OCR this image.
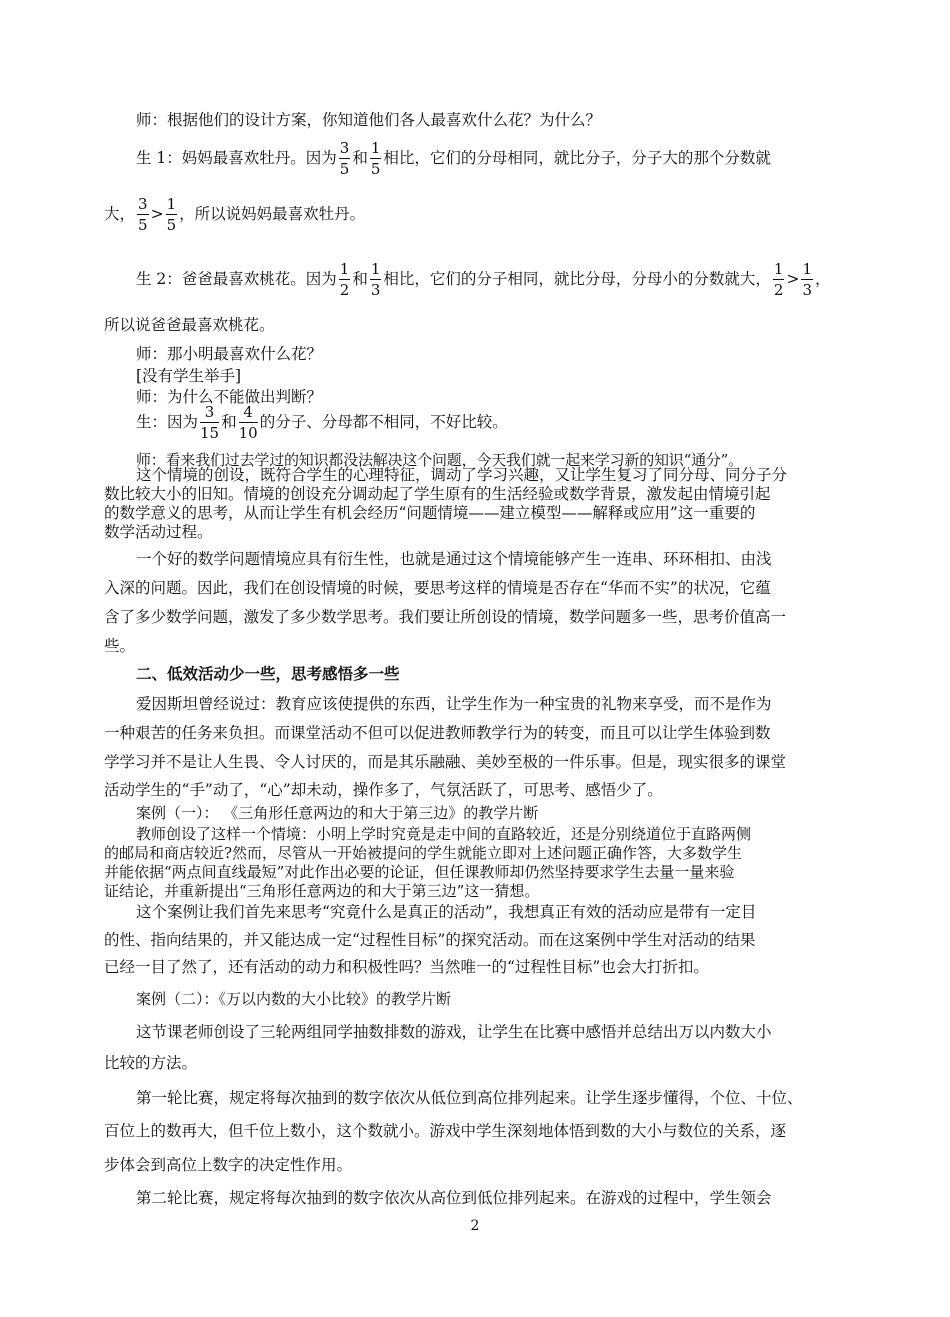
师：根据他们的设计方案，你知道他们各人最喜欢什么花？为什么？
生 1：妈妈最喜欢牡丹。因为 $\frac{3}{5}$ 和 $\frac{1}{5}$ 相比，它们的分母相同，就比分子，分子大的那个分数就
大， $\frac{3}{5} > \frac{1}{5}$ ，所以说妈妈最喜欢牡丹。
生 2：爸爸最喜欢桃花。因为 $\frac{1}{2}$ 和 $\frac{1}{3}$ 相比，它们的分子相同，就比分母，分母小的分数就大， $\frac{1}{2} > \frac{1}{3}$ ，
所以说爸爸最喜欢桃花。
师：那小明最喜欢什么花？
[没有学生举手]
师：为什么不能做出判断？
生：因为 $\frac{3}{15}$ 和 $\frac{4}{10}$ 的分子、分母都不相同，不好比较。
师：看来我们过去学过的知识都没法解决这个问题，今天我们就一起来学习新的知识“通分”。
这个情境的创设，既符合学生的心理特征，调动了学习兴趣，又让学生复习了同分母、同分子分
数比较大小的旧知。情境的创设充分调动起了学生原有的生活经验或数学背景，激发起由情境引起
的数学意义的思考，从而让学生有机会经历“问题情境——建立模型——解释或应用”这一重要的
数学活动过程。
一个好的数学问题情境应具有衍生性，也就是通过这个情境能够产生一连串、环环相扣、由浅
入深的问题。因此，我们在创设情境的时候，要思考这样的情境是否存在“华而不实”的状况，它蕴
含了多少数学问题，激发了多少数学思考。我们要让所创设的情境，数学问题多一些，思考价值高一
些。
二、低效活动少一些，思考感悟多一些
爱因斯坦曾经说过：教育应该使提供的东西，让学生作为一种宝贵的礼物来享受，而不是作为
一种艰苦的任务来负担。而课堂活动不但可以促进教师教学行为的转变，而且可以让学生体验到数
学学习并不是让人生畏、令人讨厌的，而是其乐融融、美妙至极的一件乐事。但是，现实很多的课堂
活动学生的“手”动了，“心”却未动，操作多了，气氛活跃了，可思考、感悟少了。
案例（一）： 《三角形任意两边的和大于第三边》的教学片断
教师创设了这样一个情境：小明上学时究竟是走中间的直路较近，还是分别绕道位于直路两侧
的邮局和商店较近?然而，尽管从一开始被提问的学生就能立即对上述问题正确作答，大多数学生
并能依据“两点间直线最短”对此作出必要的论证，但任课教师却仍然坚持要求学生去量一量来验
证结论，并重新提出“三角形任意两边的和大于第三边”这一猜想。
这个案例让我们首先来思考“究竟什么是真正的活动”，我想真正有效的活动应是带有一定目
的性、指向结果的，并又能达成一定“过程性目标”的探究活动。而在这案例中学生对活动的结果
已经一目了然了，还有活动的动力和积极性吗？当然唯一的“过程性目标”也会大打折扣。
案例（二）：《万以内数的大小比较》的教学片断
这节课老师创设了三轮两组同学抽数排数的游戏，让学生在比赛中感悟并总结出万以内数大小
比较的方法。
第一轮比赛，规定将每次抽到的数字依次从低位到高位排列起来。让学生逐步懂得，个位、十位、
百位上的数再大，但千位上数小，这个数就小。游戏中学生深刻地体悟到数的大小与数位的关系，逐
步体会到高位上数字的决定性作用。
第二轮比赛，规定将每次抽到的数字依次从高位到低位排列起来。在游戏的过程中，学生领会
2
